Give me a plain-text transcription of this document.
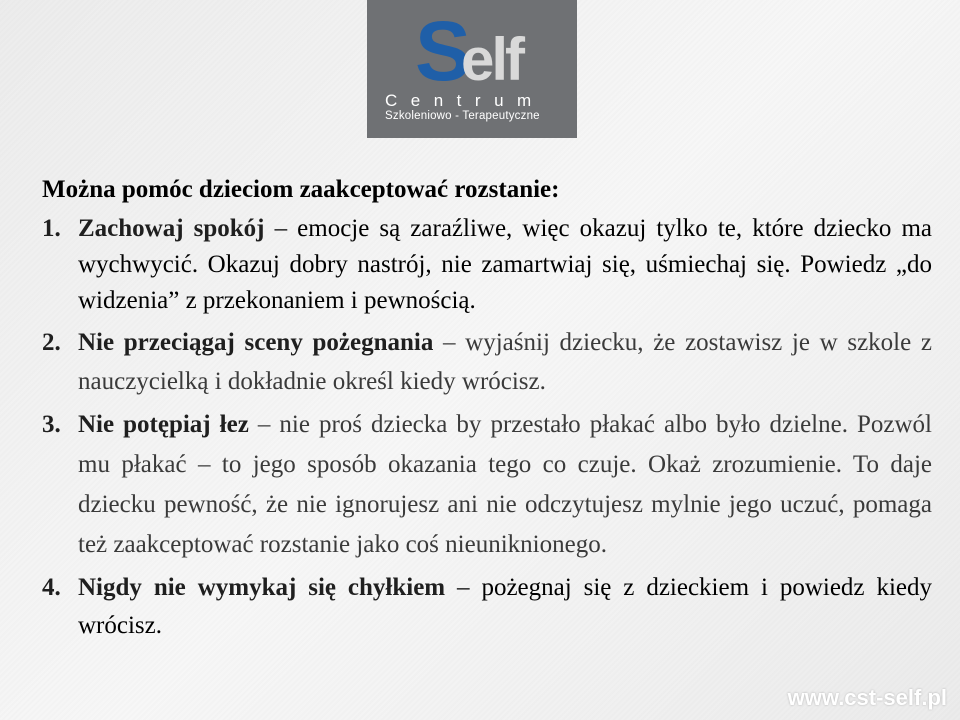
S
elf
Centrum
Szkoleniowo - Terapeutyczne
Można pomóc dzieciom zaakceptować rozstanie:
1. Zachowaj spokój – emocje są zaraźliwe, więc okazuj tylko te, które dziecko ma wychwycić. Okazuj dobry nastrój, nie zamartwiaj się, uśmiechaj się. Powiedz „do widzenia” z przekonaniem i pewnością.
2. Nie przeciągaj sceny pożegnania – wyjaśnij dziecku, że zostawisz je w szkole z nauczycielką i dokładnie określ kiedy wrócisz.
3. Nie potępiaj łez – nie proś dziecka by przestało płakać albo było dzielne. Pozwól mu płakać – to jego sposób okazania tego co czuje. Okaż zrozumienie. To daje dziecku pewność, że nie ignorujesz ani nie odczytujesz mylnie jego uczuć, pomaga też zaakceptować rozstanie jako coś nieuniknionego.
4. Nigdy nie wymykaj się chyłkiem – pożegnaj się z dzieckiem i powiedz kiedy wrócisz.
www.cst-self.pl
